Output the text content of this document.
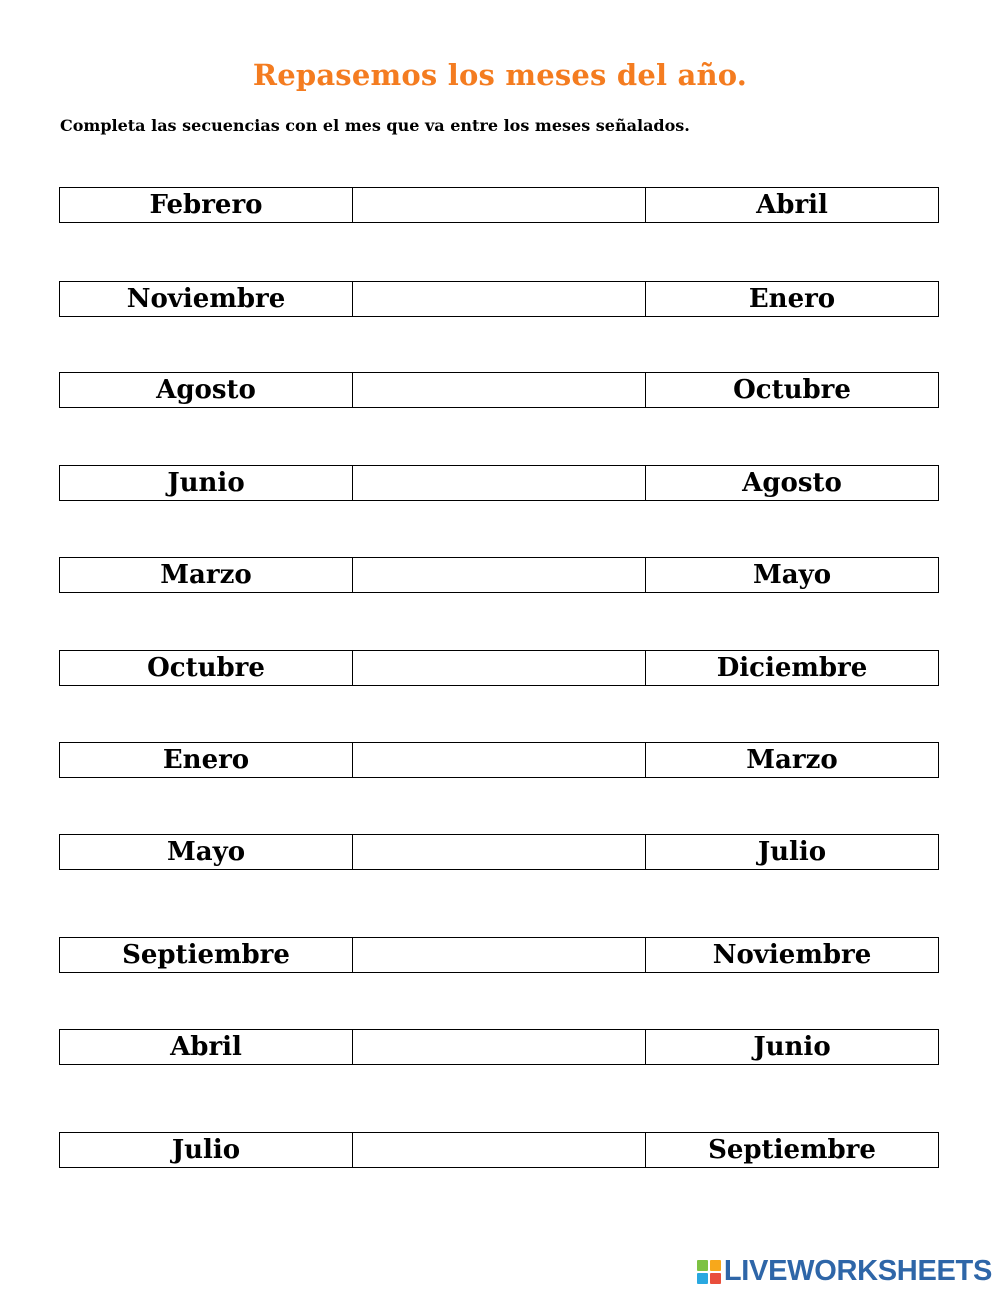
Repasemos los meses del año.
Completa las secuencias con el mes que va entre los meses señalados.
Febrero	Abril
Noviembre	Enero
Agosto	Octubre
Junio	Agosto
Marzo	Mayo
Octubre	Diciembre
Enero	Marzo
Mayo	Julio
Septiembre	Noviembre
Abril	Junio
Julio	Septiembre
LIVEWORKSHEETS
